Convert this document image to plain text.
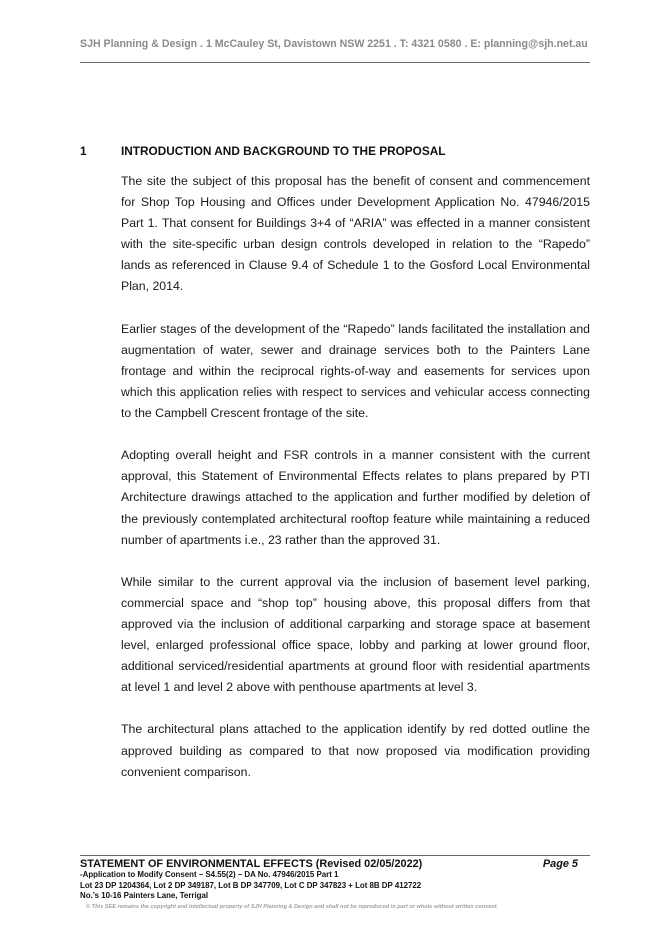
SJH Planning & Design . 1 McCauley St, Davistown NSW 2251 . T: 4321 0580 . E: planning@sjh.net.au
1	INTRODUCTION AND BACKGROUND TO THE PROPOSAL

The site the subject of this proposal has the benefit of consent and commencement for Shop Top Housing and Offices under Development Application No. 47946/2015 Part 1. That consent for Buildings 3+4 of “ARIA” was effected in a manner consistent with the site-specific urban design controls developed in relation to the “Rapedo” lands as referenced in Clause 9.4 of Schedule 1 to the Gosford Local Environmental Plan, 2014.

Earlier stages of the development of the “Rapedo” lands facilitated the installation and augmentation of water, sewer and drainage services both to the Painters Lane frontage and within the reciprocal rights-of-way and easements for services upon which this application relies with respect to services and vehicular access connecting to the Campbell Crescent frontage of the site.

Adopting overall height and FSR controls in a manner consistent with the current approval, this Statement of Environmental Effects relates to plans prepared by PTI Architecture drawings attached to the application and further modified by deletion of the previously contemplated architectural rooftop feature while maintaining a reduced number of apartments i.e., 23 rather than the approved 31.

While similar to the current approval via the inclusion of basement level parking, commercial space and “shop top” housing above, this proposal differs from that approved via the inclusion of additional carparking and storage space at basement level, enlarged professional office space, lobby and parking at lower ground floor, additional serviced/residential apartments at ground floor with residential apartments at level 1 and level 2 above with penthouse apartments at level 3.

The architectural plans attached to the application identify by red dotted outline the approved building as compared to that now proposed via modification providing convenient comparison.

STATEMENT OF ENVIRONMENTAL EFFECTS (Revised 02/05/2022)	Page 5
-Application to Modify Consent – S4.55(2) – DA No. 47946/2015 Part 1
Lot 23 DP 1204364, Lot 2 DP 349187, Lot B DP 347709, Lot C DP 347823 + Lot 8B DP 412722
No.’s 10-16 Painters Lane, Terrigal
© This SEE remains the copyright and intellectual property of SJH Planning & Design and shall not be reproduced in part or whole without written consent.
